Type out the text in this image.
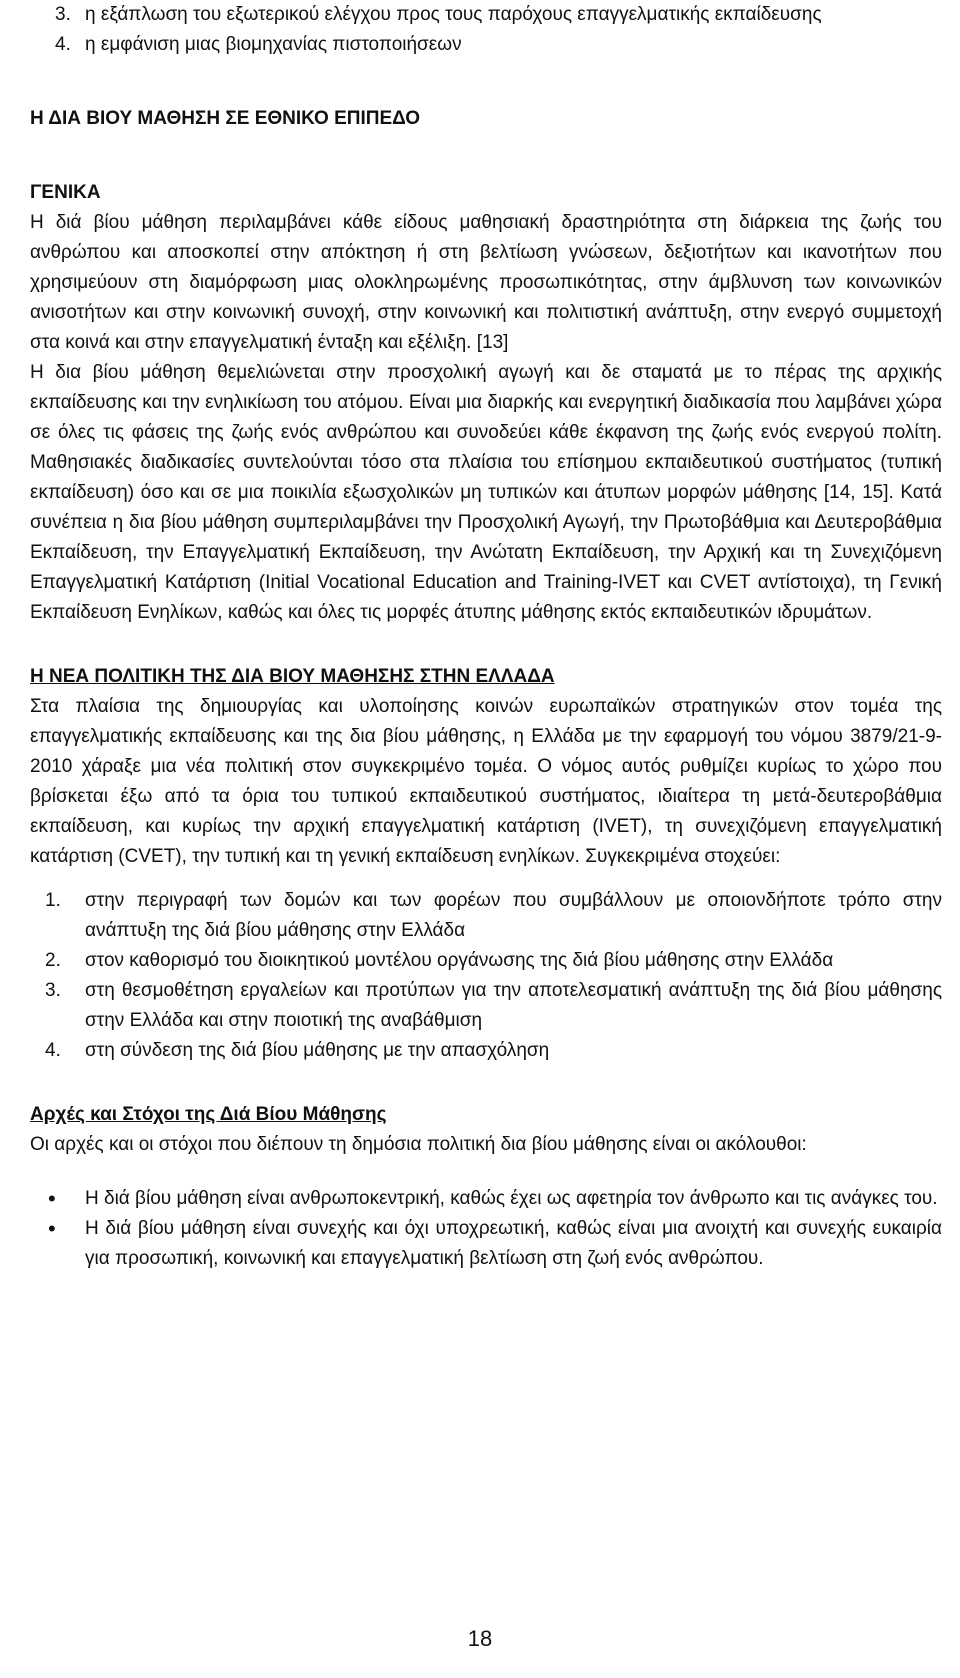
3. η εξάπλωση του εξωτερικού ελέγχου προς τους παρόχους επαγγελματικής εκπαίδευσης
4. η εμφάνιση μιας βιομηχανίας πιστοποιήσεων
Η ΔΙΑ ΒΙΟΥ ΜΑΘΗΣΗ ΣΕ ΕΘΝΙΚΟ ΕΠΙΠΕΔΟ
ΓΕΝΙΚΑ

Η διά βίου μάθηση περιλαμβάνει κάθε είδους μαθησιακή δραστηριότητα στη διάρκεια της ζωής του ανθρώπου και αποσκοπεί στην απόκτηση ή στη βελτίωση γνώσεων, δεξιοτήτων και ικανοτήτων που χρησιμεύουν στη διαμόρφωση μιας ολοκληρωμένης προσωπικότητας, στην άμβλυνση των κοινωνικών ανισοτήτων και στην κοινωνική συνοχή, στην κοινωνική και πολιτιστική ανάπτυξη, στην ενεργό συμμετοχή στα κοινά και στην επαγγελματική ένταξη και εξέλιξη. [13]

Η δια βίου μάθηση θεμελιώνεται στην προσχολική αγωγή και δε σταματά με το πέρας της αρχικής εκπαίδευσης και την ενηλικίωση του ατόμου. Είναι μια διαρκής και ενεργητική διαδικασία που λαμβάνει χώρα σε όλες τις φάσεις της ζωής ενός ανθρώπου και συνοδεύει κάθε έκφανση της ζωής ενός ενεργού πολίτη. Μαθησιακές διαδικασίες συντελούνται τόσο στα πλαίσια του επίσημου εκπαιδευτικού συστήματος (τυπική εκπαίδευση) όσο και σε μια ποικιλία εξωσχολικών μη τυπικών και άτυπων μορφών μάθησης [14, 15]. Κατά συνέπεια η δια βίου μάθηση συμπεριλαμβάνει την Προσχολική Αγωγή, την Πρωτοβάθμια και Δευτεροβάθμια Εκπαίδευση, την Επαγγελματική Εκπαίδευση, την Ανώτατη Εκπαίδευση, την Αρχική και τη Συνεχιζόμενη Επαγγελματική Κατάρτιση (Initial Vocational Education and Training-IVET και CVET αντίστοιχα), τη Γενική Εκπαίδευση Ενηλίκων, καθώς και όλες τις μορφές άτυπης μάθησης εκτός εκπαιδευτικών ιδρυμάτων.

Η ΝΕΑ ΠΟΛΙΤΙΚΗ ΤΗΣ ΔΙΑ ΒΙΟΥ ΜΑΘΗΣΗΣ ΣΤΗΝ ΕΛΛΑΔΑ

Στα πλαίσια της δημιουργίας και υλοποίησης κοινών ευρωπαϊκών στρατηγικών στον τομέα της επαγγελματικής εκπαίδευσης και της δια βίου μάθησης, η Ελλάδα με την εφαρμογή του νόμου 3879/21-9-2010 χάραξε μια νέα πολιτική στον συγκεκριμένο τομέα. Ο νόμος αυτός ρυθμίζει κυρίως το χώρο που βρίσκεται έξω από τα όρια του τυπικού εκπαιδευτικού συστήματος, ιδιαίτερα τη μετά-δευτεροβάθμια εκπαίδευση, και κυρίως την αρχική επαγγελματική κατάρτιση (IVET), τη συνεχιζόμενη επαγγελματική κατάρτιση (CVET), την τυπική και τη γενική εκπαίδευση ενηλίκων. Συγκεκριμένα στοχεύει:

1. στην περιγραφή των δομών και των φορέων που συμβάλλουν με οποιονδήποτε τρόπο στην ανάπτυξη της διά βίου μάθησης στην Ελλάδα
2. στον καθορισμό του διοικητικού μοντέλου οργάνωσης της διά βίου μάθησης στην Ελλάδα
3. στη θεσμοθέτηση εργαλείων και προτύπων για την αποτελεσματική ανάπτυξη της διά βίου μάθησης στην Ελλάδα και στην ποιοτική της αναβάθμιση
4. στη σύνδεση της διά βίου μάθησης με την απασχόληση
Αρχές και Στόχοι της Διά Βίου Μάθησης

Οι αρχές και οι στόχοι που διέπουν τη δημόσια πολιτική δια βίου μάθησης είναι οι ακόλουθοι:

• Η διά βίου μάθηση είναι ανθρωποκεντρική, καθώς έχει ως αφετηρία τον άνθρωπο και τις ανάγκες του.
• Η διά βίου μάθηση είναι συνεχής και όχι υποχρεωτική, καθώς είναι μια ανοιχτή και συνεχής ευκαιρία για προσωπική, κοινωνική και επαγγελματική βελτίωση στη ζωή ενός ανθρώπου.
18
